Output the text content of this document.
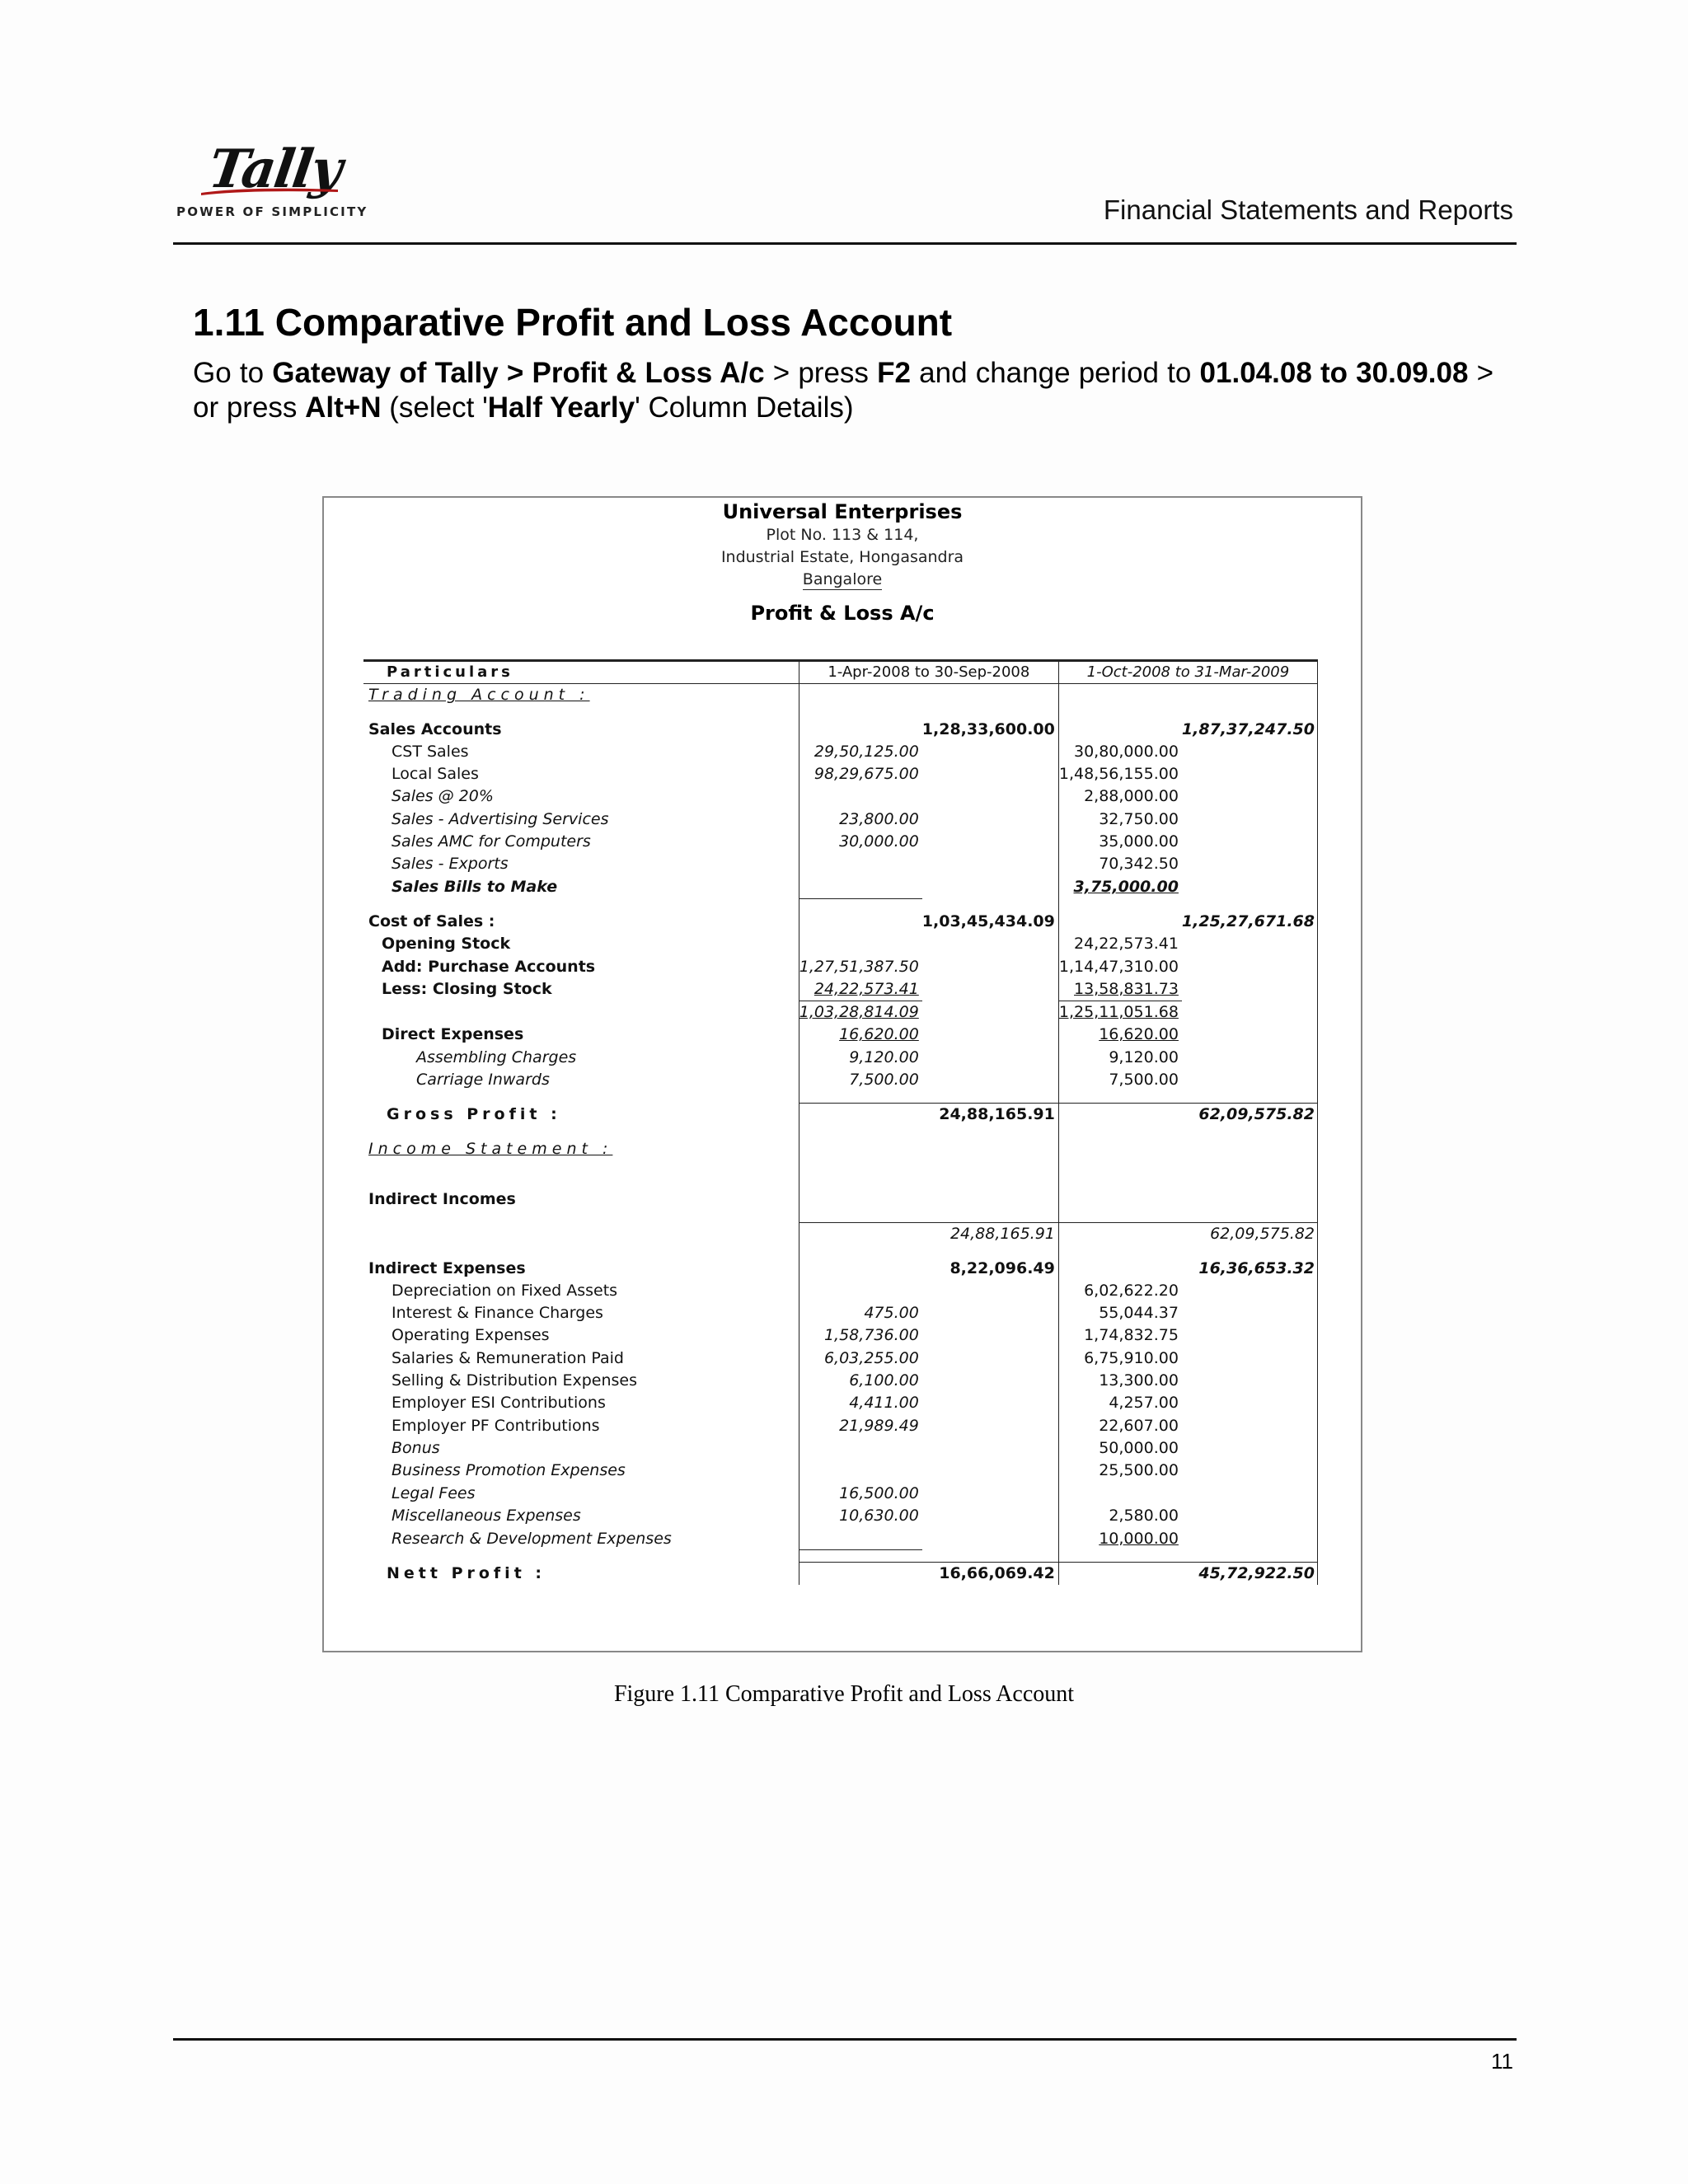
Tally
POWER OF SIMPLICITY	Financial Statements and Reports
1.11 Comparative Profit and Loss Account
Go to Gateway of Tally > Profit & Loss A/c > press F2 and change period to 01.04.08 to 30.09.08 > or press Alt+N (select 'Half Yearly' Column Details)
Universal Enterprises
Plot No. 113 & 114,
Industrial Estate, Hongasandra
Bangalore
Profit & Loss A/c
Particulars	1-Apr-2008 to 30-Sep-2008		1-Oct-2008 to 31-Mar-2009	
Trading Account :				

Sales Accounts		1,28,33,600.00		1,87,37,247.50
CST Sales	29,50,125.00		30,80,000.00	
Local Sales	98,29,675.00		1,48,56,155.00	
Sales @ 20%			2,88,000.00	
Sales - Advertising Services	23,800.00		32,750.00	
Sales AMC for Computers	30,000.00		35,000.00	
Sales - Exports			70,342.50	
Sales Bills to Make			3,75,000.00	

Cost of Sales :		1,03,45,434.09		1,25,27,671.68
Opening Stock			24,22,573.41	
Add: Purchase Accounts	1,27,51,387.50		1,14,47,310.00	
Less: Closing Stock	24,22,573.41		13,58,831.73	
	1,03,28,814.09		1,25,11,051.68	
Direct Expenses	16,620.00		16,620.00	
Assembling Charges	9,120.00		9,120.00	
Carriage Inwards	7,500.00		7,500.00	

Gross Profit :		24,88,165.91		62,09,575.82

Income Statement :				

Indirect Incomes				

		24,88,165.91		62,09,575.82

Indirect Expenses		8,22,096.49		16,36,653.32
Depreciation on Fixed Assets			6,02,622.20	
Interest & Finance Charges	475.00		55,044.37	
Operating Expenses	1,58,736.00		1,74,832.75	
Salaries & Remuneration Paid	6,03,255.00		6,75,910.00	
Selling & Distribution Expenses	6,100.00		13,300.00	
Employer ESI Contributions	4,411.00		4,257.00	
Employer PF Contributions	21,989.49		22,607.00	
Bonus			50,000.00	
Business Promotion Expenses			25,500.00	
Legal Fees	16,500.00			
Miscellaneous Expenses	10,630.00		2,580.00	
Research & Development Expenses			10,000.00	

Nett Profit :		16,66,069.42		45,72,922.50
Figure 1.11 Comparative Profit and Loss Account
11
